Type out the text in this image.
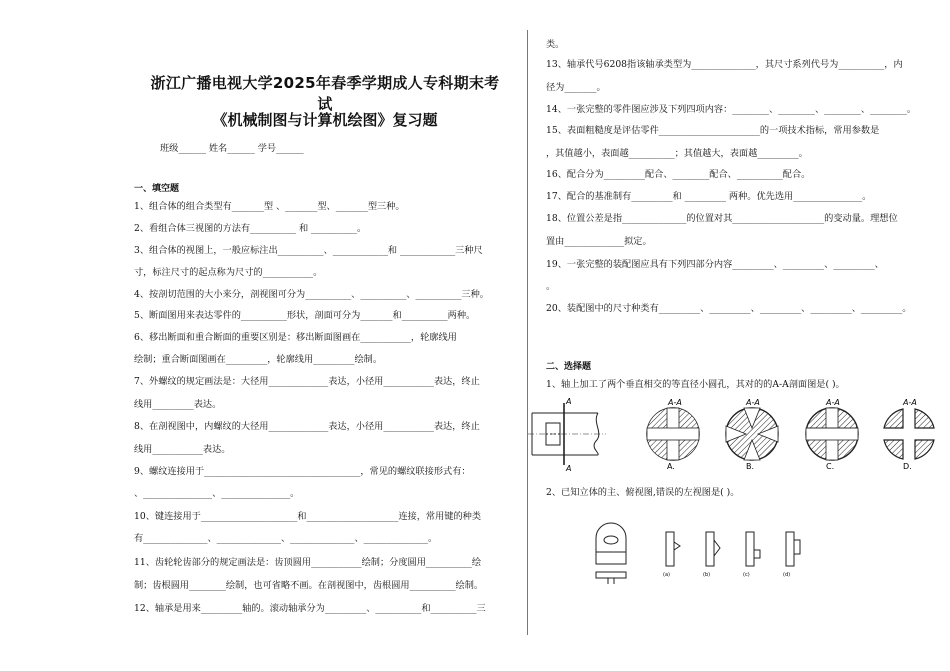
浙江广播电视大学2025年春季学期成人专科期末考试
《机械制图与计算机绘图》复习题
班级______ 姓名______ 学号______
一、填空题
1、组合体的组合类型有_______型 、_______型、_______型三种。
2、看组合体三视图的方法有__________ 和 __________。
3、组合体的视图上，一般应标注出__________、____________和 ____________三种尺
寸，标注尺寸的起点称为尺寸的___________。
4、按剖切范围的大小来分，剖视图可分为__________、__________、__________三种。
5、断面图用来表达零件的__________形状，剖面可分为_______和__________两种。
6、移出断面和重合断面的重要区别是：移出断面图画在___________，轮廓线用
绘制；重合断面图画在_________，轮廓线用_________绘制。
7、外螺纹的规定画法是：大径用_____________表达，小径用___________表达，终止
线用_________表达。
8、在剖视图中，内螺纹的大径用_____________表达，小径用___________表达，终止
线用___________表达。
9、螺纹连接用于__________________________________，常见的螺纹联接形式有：
、_______________、_______________。
10、键连接用于_____________________和____________________连接，常用键的种类
有______________、______________、______________、______________。
11、齿轮轮齿部分的规定画法是：齿顶圆用___________绘制；分度圆用__________绘
制；齿根圆用________绘制，也可省略不画。在剖视图中，齿根圆用__________绘制。
12、轴承是用来_________轴的。滚动轴承分为_________、__________和__________三
类。
13、轴承代号6208指该轴承类型为______________，其尺寸系列代号为__________，内
径为_______。
14、一张完整的零件图应涉及下列四项内容：________、________、________、________。
15、表面粗糙度是评估零件______________________的一项技术指标，常用参数是
，其值越小，表面越__________；其值越大，表面越_________。
16、配合分为_________配合、________配合、__________配合。
17、配合的基准制有_________和 _________ 两种。优先选用_______________。
18、位置公差是指______________的位置对其____________________的变动量。理想位
置由_____________拟定。
19、一张完整的装配图应具有下列四部分内容_________、_________、_________、
。
20、装配图中的尺寸种类有_________、_________、_________、_________、_________。
二、选择题
1、轴上加工了两个垂直相交的等直径小圆孔，其对的的A-A剖面图是( )。
A
A
A-A
A.
A-A
B.
A-A
C.
A-A
D.
2、已知立体的主、俯视图,错误的左视图是( )。
(a)	(b)	(c)	(d)
